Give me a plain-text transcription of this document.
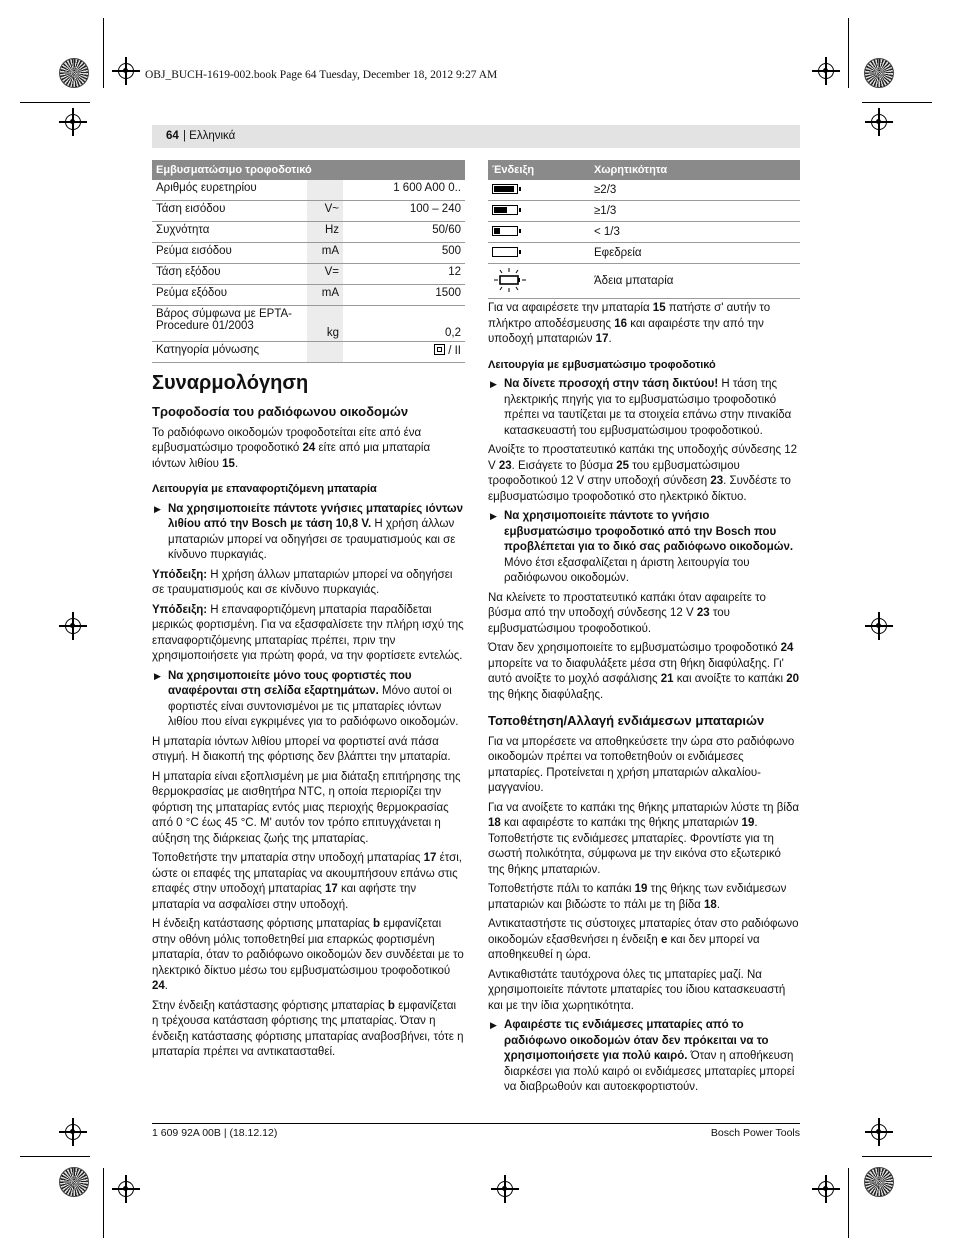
OBJ_BUCH-1619-002.book Page 64 Tuesday, December 18, 2012 9:27 AM
64 | Ελληνικά
Εμβυσματώσιμο τροφοδοτικό		
Αριθμός ευρετηρίου		1 600 A00 0..
Τάση εισόδου	V~	100 – 240
Συχνότητα	Hz	50/60
Ρεύμα εισόδου	mA	500
Τάση εξόδου	V=	12
Ρεύμα εξόδου	mA	1500
Βάρος σύμφωνα με EPTA-Procedure 01/2003	kg	0,2
Κατηγορία μόνωσης		/ II
Ένδειξη	Χωρητικότητα

	≥2/3

	≥1/3

	< 1/3
	Εφεδρεία
	Άδεια μπαταρία
Συναρμολόγηση
Τροφοδοσία του ραδιόφωνου οικοδομών

Το ραδιόφωνο οικοδομών τροφοδοτείται είτε από ένα εμβυσματώσιμο τροφοδοτικό 24 είτε από μια μπαταρία ιόντων λιθίου 15.

Λειτουργία με επαναφορτιζόμενη μπαταρία
▶ Να χρησιμοποιείτε πάντοτε γνήσιες μπαταρίες ιόντων λιθίου από την Bosch με τάση 10,8 V. Η χρήση άλλων μπαταριών μπορεί να οδηγήσει σε τραυματισμούς και σε κίνδυνο πυρκαγιάς.

Υπόδειξη: Η χρήση άλλων μπαταριών μπορεί να οδηγήσει σε τραυματισμούς και σε κίνδυνο πυρκαγιάς.

Υπόδειξη: Η επαναφορτιζόμενη μπαταρία παραδίδεται μερικώς φορτισμένη. Για να εξασφαλίσετε την πλήρη ισχύ της επαναφορτιζόμενης μπαταρίας πρέπει, πριν την χρησιμοποιήσετε για πρώτη φορά, να την φορτίσετε εντελώς.

▶ Να χρησιμοποιείτε μόνο τους φορτιστές που αναφέρονται στη σελίδα εξαρτημάτων. Μόνο αυτοί οι φορτιστές είναι συντονισμένοι με τις μπαταρίες ιόντων λιθίου που είναι εγκριμένες για το ραδιόφωνο οικοδομών.

Η μπαταρία ιόντων λιθίου μπορεί να φορτιστεί ανά πάσα στιγμή. Η διακοπή της φόρτισης δεν βλάπτει την μπαταρία.

Η μπαταρία είναι εξοπλισμένη με μια διάταξη επιτήρησης της θερμοκρασίας με αισθητήρα NTC, η οποία περιορίζει την φόρτιση της μπαταρίας εντός μιας περιοχής θερμοκρασίας από 0 °C έως 45 °C. Μ' αυτόν τον τρόπο επιτυγχάνεται η αύξηση της διάρκειας ζωής της μπαταρίας.

Τοποθετήστε την μπαταρία στην υποδοχή μπαταρίας 17 έτσι, ώστε οι επαφές της μπαταρίας να ακουμπήσουν επάνω στις επαφές στην υποδοχή μπαταρίας 17 και αφήστε την μπαταρία να ασφαλίσει στην υποδοχή.

Η ένδειξη κατάστασης φόρτισης μπαταρίας b εμφανίζεται στην οθόνη μόλις τοποθετηθεί μια επαρκώς φορτισμένη μπαταρία, όταν το ραδιόφωνο οικοδομών δεν συνδέεται με το ηλεκτρικό δίκτυο μέσω του εμβυσματώσιμου τροφοδοτικού 24.

Στην ένδειξη κατάστασης φόρτισης μπαταρίας b εμφανίζεται η τρέχουσα κατάσταση φόρτισης της μπαταρίας. Όταν η ένδειξη κατάστασης φόρτισης μπαταρίας αναβοσβήνει, τότε η μπαταρία πρέπει να αντικατασταθεί.

Για να αφαιρέσετε την μπαταρία 15 πατήστε σ' αυτήν το πλήκτρο αποδέσμευσης 16 και αφαιρέστε την από την υποδοχή μπαταριών 17.

Λειτουργία με εμβυσματώσιμο τροφοδοτικό
▶ Να δίνετε προσοχή στην τάση δικτύου! Η τάση της ηλεκτρικής πηγής για το εμβυσματώσιμο τροφοδοτικό πρέπει να ταυτίζεται με τα στοιχεία επάνω στην πινακίδα κατασκευαστή του εμβυσματώσιμου τροφοδοτικού.

Ανοίξτε το προστατευτικό καπάκι της υποδοχής σύνδεσης 12 V 23. Εισάγετε το βύσμα 25 του εμβυσματώσιμου τροφοδοτικού 12 V στην υποδοχή σύνδεση 23. Συνδέστε το εμβυσματώσιμο τροφοδοτικό στο ηλεκτρικό δίκτυο.

▶ Να χρησιμοποιείτε πάντοτε το γνήσιο εμβυσματώσιμο τροφοδοτικό από την Bosch που προβλέπεται για το δικό σας ραδιόφωνο οικοδομών. Μόνο έτσι εξασφαλίζεται η άριστη λειτουργία του ραδιόφωνου οικοδομών.

Να κλείνετε το προστατευτικό καπάκι όταν αφαιρείτε το βύσμα από την υποδοχή σύνδεσης 12 V 23 του εμβυσματώσιμου τροφοδοτικού.

Όταν δεν χρησιμοποιείτε το εμβυσματώσιμο τροφοδοτικό 24 μπορείτε να το διαφυλάξετε μέσα στη θήκη διαφύλαξης. Γι' αυτό ανοίξτε το μοχλό ασφάλισης 21 και ανοίξτε το καπάκι 20 της θήκης διαφύλαξης.

Τοποθέτηση/Αλλαγή ενδιάμεσων μπαταριών

Για να μπορέσετε να αποθηκεύσετε την ώρα στο ραδιόφωνο οικοδομών πρέπει να τοποθετηθούν οι ενδιάμεσες μπαταρίες. Προτείνεται η χρήση μπαταριών αλκαλίου-μαγγανίου.

Για να ανοίξετε το καπάκι της θήκης μπαταριών λύστε τη βίδα 18 και αφαιρέστε το καπάκι της θήκης μπαταριών 19. Τοποθετήστε τις ενδιάμεσες μπαταρίες. Φροντίστε για τη σωστή πολικότητα, σύμφωνα με την εικόνα στο εξωτερικό της θήκης μπαταριών.

Τοποθετήστε πάλι το καπάκι 19 της θήκης των ενδιάμεσων μπαταριών και βιδώστε το πάλι με τη βίδα 18.

Αντικαταστήστε τις σύστοιχες μπαταρίες όταν στο ραδιόφωνο οικοδομών εξασθενήσει η ένδειξη e και δεν μπορεί να αποθηκευθεί η ώρα.

Αντικαθιστάτε ταυτόχρονα όλες τις μπαταρίες μαζί. Να χρησιμοποιείτε πάντοτε μπαταρίες του ίδιου κατασκευαστή και με την ίδια χωρητικότητα.

▶ Αφαιρέστε τις ενδιάμεσες μπαταρίες από το ραδιόφωνο οικοδομών όταν δεν πρόκειται να το χρησιμοποιήσετε για πολύ καιρό. Όταν η αποθήκευση διαρκέσει για πολύ καιρό οι ενδιάμεσες μπαταρίες μπορεί να διαβρωθούν και αυτοεκφορτιστούν.
1 609 92A 00B | (18.12.12)	Bosch Power Tools
